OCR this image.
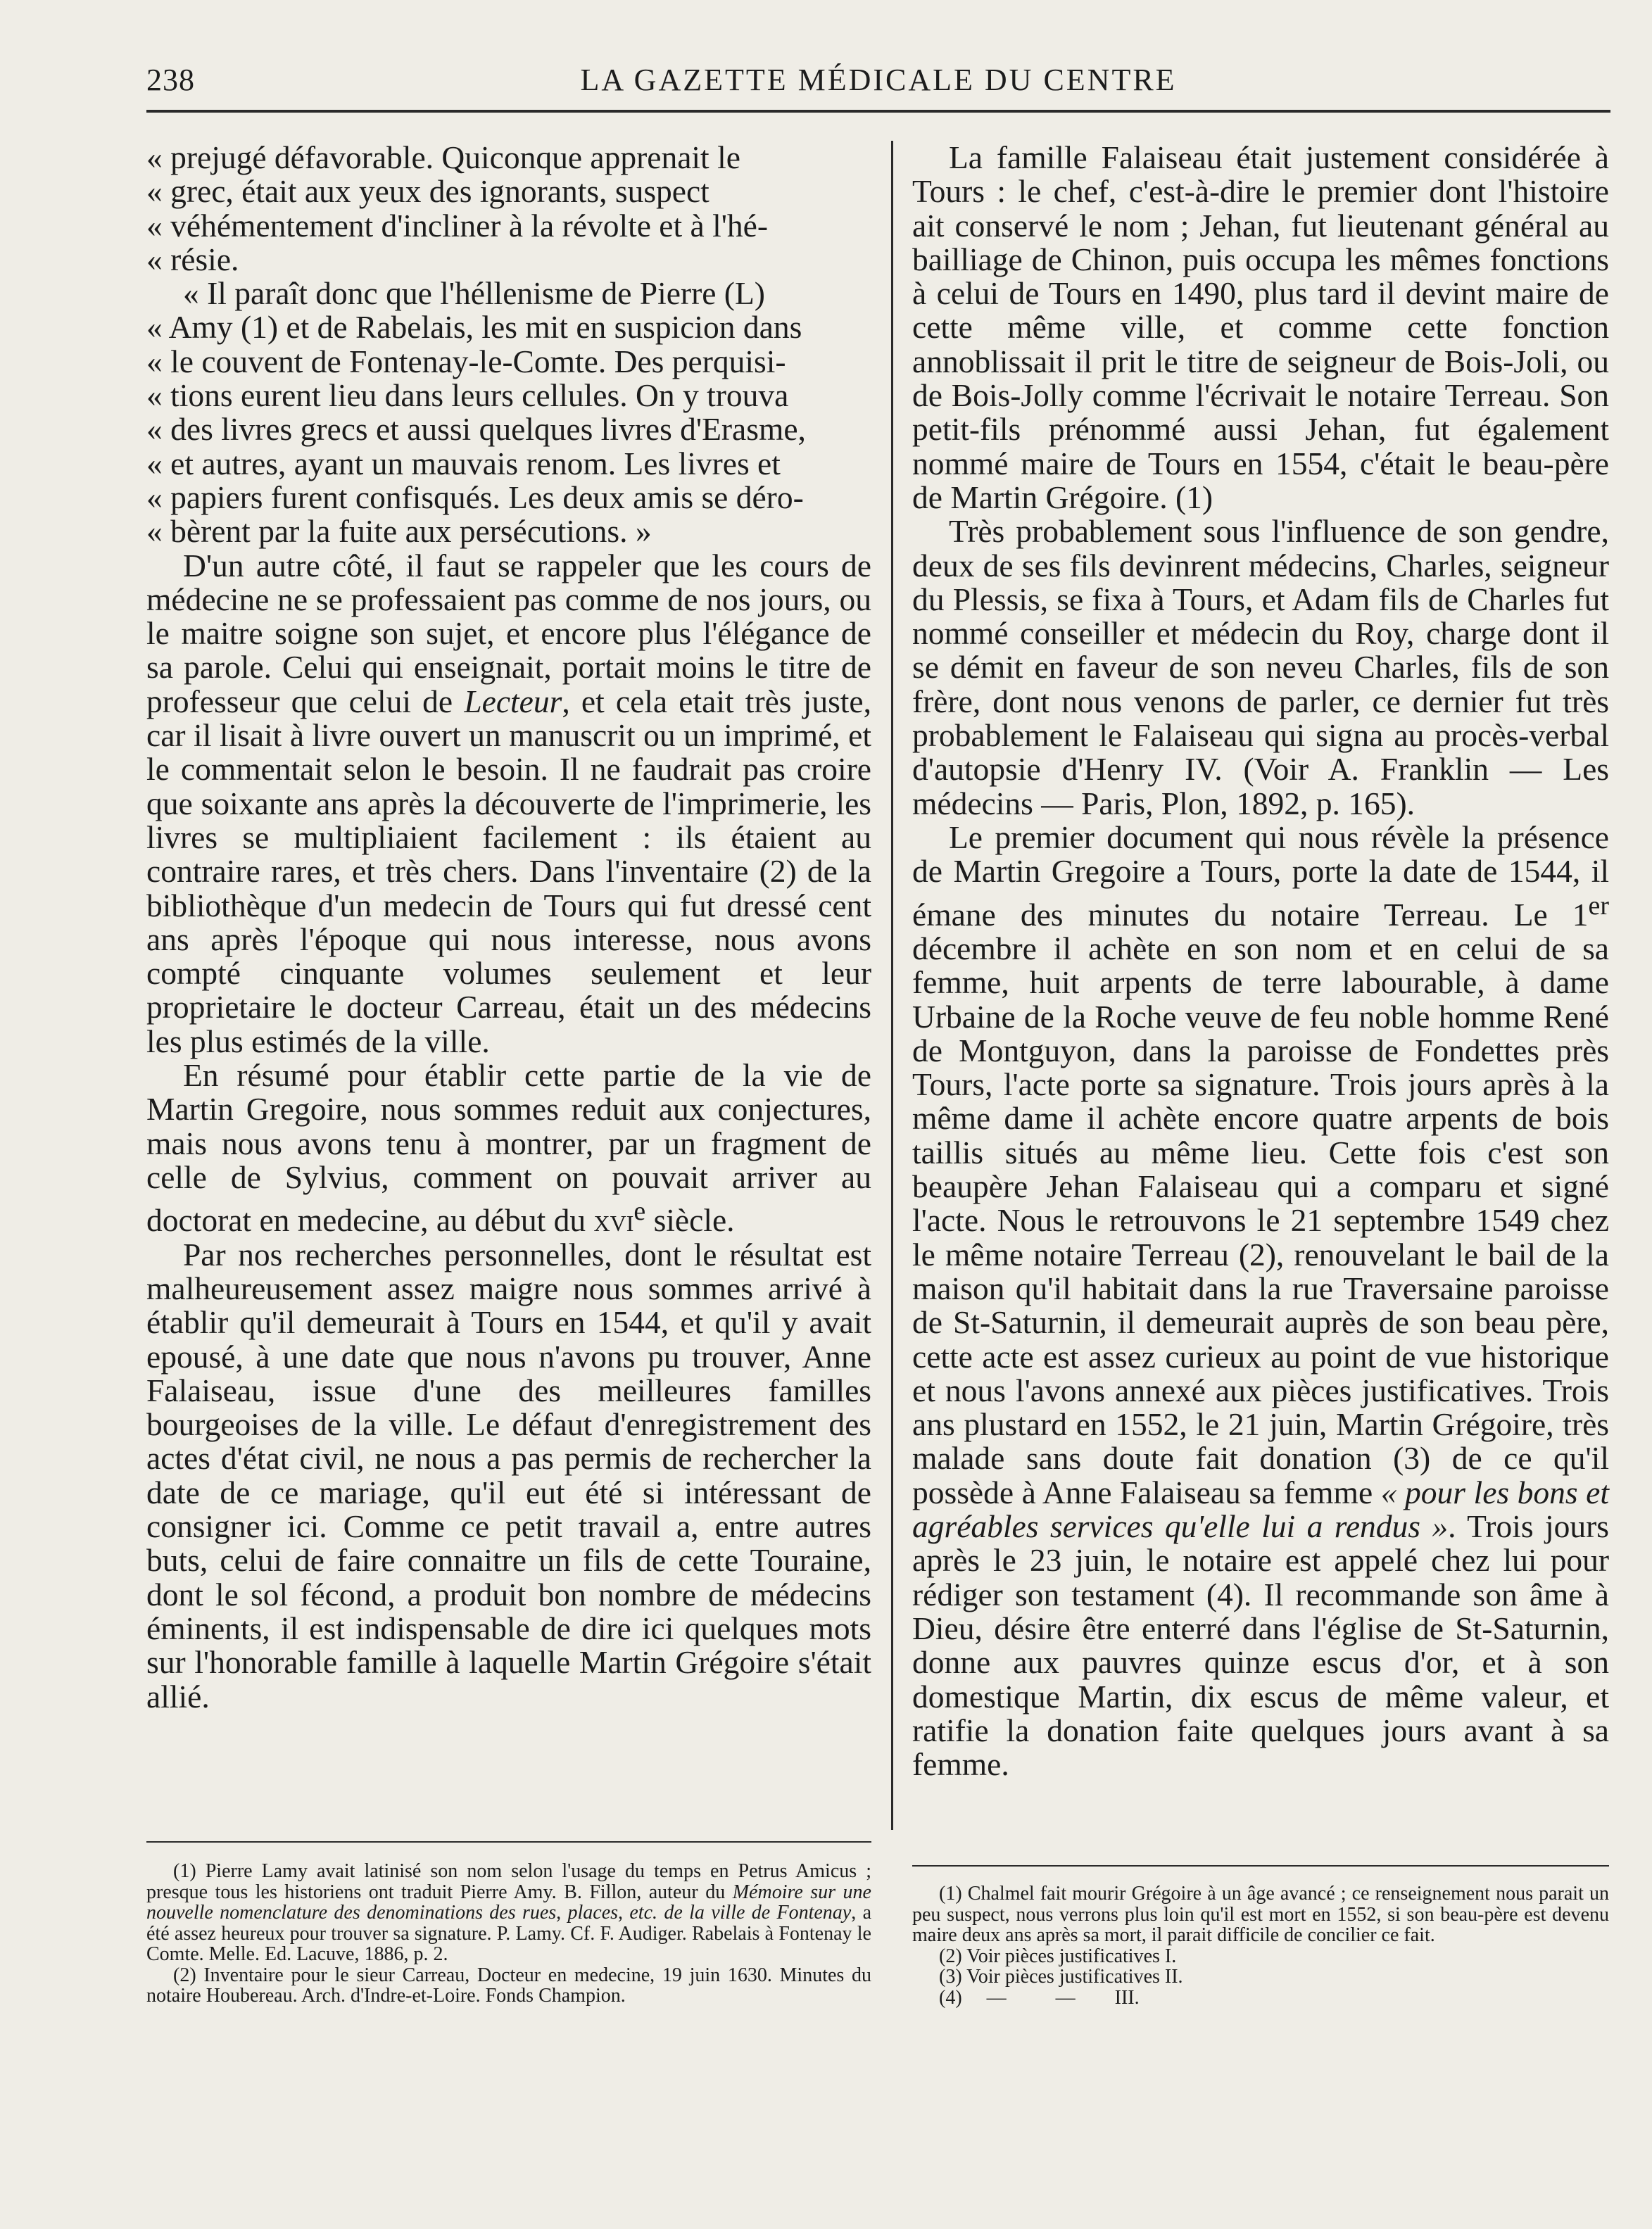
238	LA GAZETTE MÉDICALE DU CENTRE

« prejugé défavorable. Quiconque apprenait le

« grec, était aux yeux des ignorants, suspect

« véhémentement d'incliner à la révolte et à l'hé-

« résie.

« Il paraît donc que l'héllenisme de Pierre (L)

« Amy (1) et de Rabelais, les mit en suspicion dans

« le couvent de Fontenay-le-Comte. Des perquisi-

« tions eurent lieu dans leurs cellules. On y trouva

« des livres grecs et aussi quelques livres d'Erasme,

« et autres, ayant un mauvais renom. Les livres et

« papiers furent confisqués. Les deux amis se déro-

« bèrent par la fuite aux persécutions. »

D'un autre côté, il faut se rappeler que les cours de médecine ne se professaient pas comme de nos jours, ou le maitre soigne son sujet, et encore plus l'élégance de sa parole. Celui qui enseignait, portait moins le titre de professeur que celui de Lecteur, et cela etait très juste, car il lisait à livre ouvert un manuscrit ou un imprimé, et le commentait selon le besoin. Il ne faudrait pas croire que soixante ans après la découverte de l'imprimerie, les livres se multipliaient facilement : ils étaient au contraire rares, et très chers. Dans l'inventaire (2) de la bibliothèque d'un medecin de Tours qui fut dressé cent ans après l'époque qui nous interesse, nous avons compté cinquante volumes seulement et leur proprietaire le docteur Carreau, était un des médecins les plus estimés de la ville.

En résumé pour établir cette partie de la vie de Martin Gregoire, nous sommes reduit aux conjectures, mais nous avons tenu à montrer, par un fragment de celle de Sylvius, comment on pouvait arriver au doctorat en medecine, au début du xvi$^e$ siècle.

Par nos recherches personnelles, dont le résultat est malheureusement assez maigre nous sommes arrivé à établir qu'il demeurait à Tours en 1544, et qu'il y avait epousé, à une date que nous n'avons pu trouver, Anne Falaiseau, issue d'une des meilleures familles bourgeoises de la ville. Le défaut d'enregistrement des actes d'état civil, ne nous a pas permis de rechercher la date de ce mariage, qu'il eut été si intéressant de consigner ici. Comme ce petit travail a, entre autres buts, celui de faire connaitre un fils de cette Touraine, dont le sol fécond, a produit bon nombre de médecins éminents, il est indispensable de dire ici quelques mots sur l'honorable famille à laquelle Martin Grégoire s'était allié.

La famille Falaiseau était justement considérée à Tours : le chef, c'est-à-dire le premier dont l'histoire ait conservé le nom ; Jehan, fut lieutenant général au bailliage de Chinon, puis occupa les mêmes fonctions à celui de Tours en 1490, plus tard il devint maire de cette même ville, et comme cette fonction annoblissait il prit le titre de seigneur de Bois-Joli, ou de Bois-Jolly comme l'écrivait le notaire Terreau. Son petit-fils prénommé aussi Jehan, fut également nommé maire de Tours en 1554, c'était le beau-père de Martin Grégoire. (1)

Très probablement sous l'influence de son gendre, deux de ses fils devinrent médecins, Charles, seigneur du Plessis, se fixa à Tours, et Adam fils de Charles fut nommé conseiller et médecin du Roy, charge dont il se démit en faveur de son neveu Charles, fils de son frère, dont nous venons de parler, ce dernier fut très probablement le Falaiseau qui signa au procès-verbal d'autopsie d'Henry IV. (Voir A. Franklin — Les médecins — Paris, Plon, 1892, p. 165).

Le premier document qui nous révèle la présence de Martin Gregoire a Tours, porte la date de 1544, il émane des minutes du notaire Terreau. Le 1er décembre il achète en son nom et en celui de sa femme, huit arpents de terre labourable, à dame Urbaine de la Roche veuve de feu noble homme René de Montguyon, dans la paroisse de Fondettes près Tours, l'acte porte sa signature. Trois jours après à la même dame il achète encore quatre arpents de bois taillis situés au même lieu. Cette fois c'est son beaupère Jehan Falaiseau qui a comparu et signé l'acte. Nous le retrouvons le 21 septembre 1549 chez le même notaire Terreau (2), renouvelant le bail de la maison qu'il habitait dans la rue Traversaine paroisse de St-Saturnin, il demeurait auprès de son beau père, cette acte est assez curieux au point de vue historique et nous l'avons annexé aux pièces justificatives. Trois ans plustard en 1552, le 21 juin, Martin Grégoire, très malade sans doute fait donation (3) de ce qu'il possède à Anne Falaiseau sa femme « pour les bons et agréables services qu'elle lui a rendus ». Trois jours après le 23 juin, le notaire est appelé chez lui pour rédiger son testament (4). Il recommande son âme à Dieu, désire être enterré dans l'église de St-Saturnin, donne aux pauvres quinze escus d'or, et à son domestique Martin, dix escus de même valeur, et ratifie la donation faite quelques jours avant à sa femme.

(1) Pierre Lamy avait latinisé son nom selon l'usage du temps en Petrus Amicus ; presque tous les historiens ont traduit Pierre Amy. B. Fillon, auteur du Mémoire sur une nouvelle nomenclature des denominations des rues, places, etc. de la ville de Fontenay, a été assez heureux pour trouver sa signature. P. Lamy. Cf. F. Audiger. Rabelais à Fontenay le Comte. Melle. Ed. Lacuve, 1886, p. 2.

(2) Inventaire pour le sieur Carreau, Docteur en medecine, 19 juin 1630. Minutes du notaire Houbereau. Arch. d'Indre-et-Loire. Fonds Champion.

(1) Chalmel fait mourir Grégoire à un âge avancé ; ce renseignement nous parait un peu suspect, nous verrons plus loin qu'il est mort en 1552, si son beau-père est devenu maire deux ans après sa mort, il parait difficile de concilier ce fait.

(2) Voir pièces justificatives I.

(3) Voir pièces justificatives II.

(4)     —          —        III.
